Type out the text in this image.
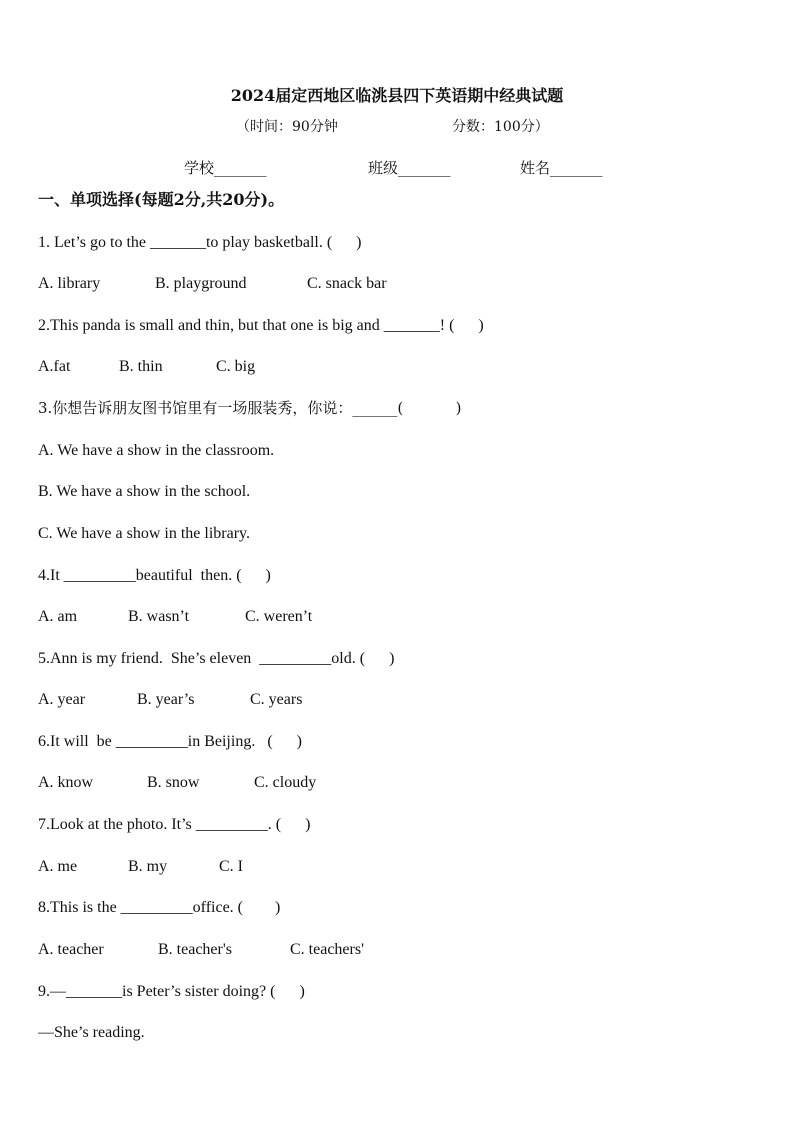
2024届定西地区临洮县四下英语期中经典试题
（时间：90分钟	分数：100分）
学校_______	班级_______	姓名_______
一、单项选择(每题2分,共20分)。
1. Let’s go to the _______to play basketball. (      )
A. library	B. playground	C. snack bar
2.This panda is small and thin, but that one is big and _______! (      )
A.fat	B. thin	C. big
3.你想告诉朋友图书馆里有一场服装秀，你说：______(           )
A. We have a show in the classroom.
B. We have a show in the school.
C. We have a show in the library.
4.It _________beautiful  then. (      )
A. am	B. wasn’t	C. weren’t
5.Ann is my friend.  She’s eleven  _________old. (      )
A. year	B. year’s	C. years
6.It will  be _________in Beijing.   (      )
A. know	B. snow	C. cloudy
7.Look at the photo. It’s _________. (      )
A. me	B. my	C. I
8.This is the _________office. (        )
A. teacher	B. teacher's	C. teachers'
9.—_______is Peter’s sister doing? (      )
—She’s reading.
